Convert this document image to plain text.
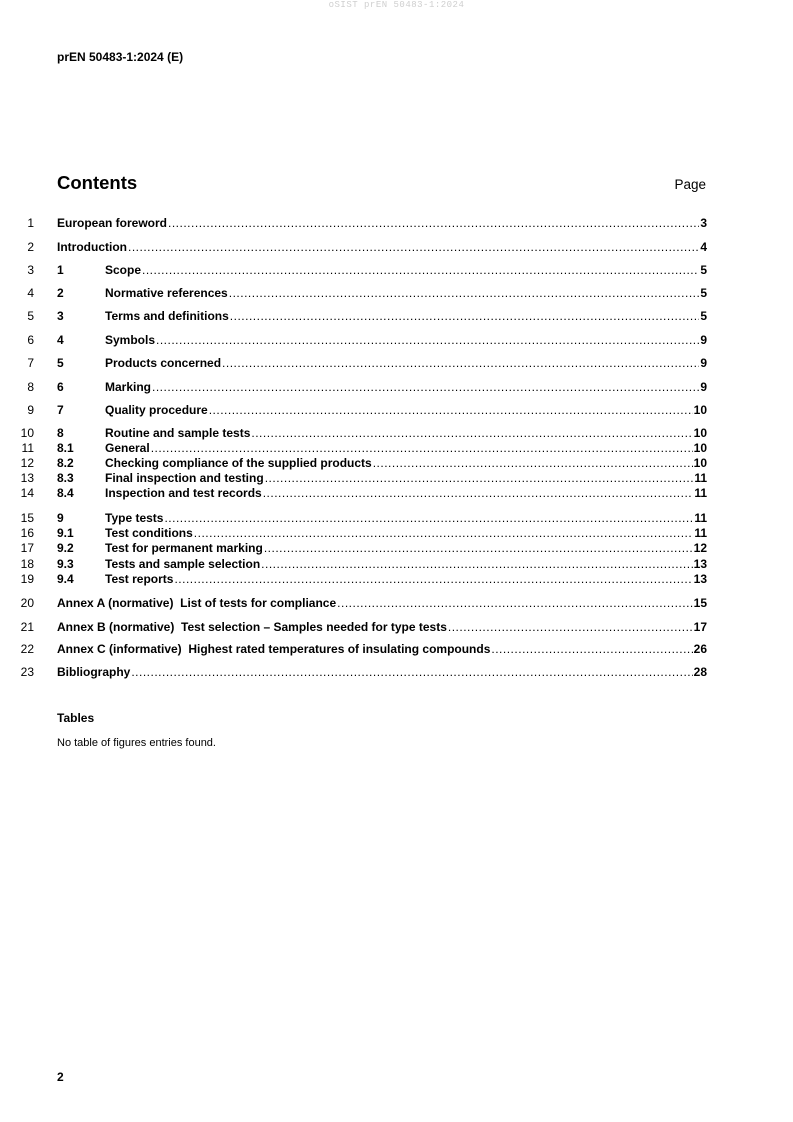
oSIST prEN 50483-1:2024
prEN 50483-1:2024 (E)
Contents	Page
1 European foreword .....	3
2 Introduction .....	4
3 1	Scope .....	5
4 2	Normative references .....	5
5 3	Terms and definitions .....	5
6 4	Symbols .....	9
7 5	Products concerned .....	9
8 6	Marking .....	9
9 7	Quality procedure .....	10
10 8	Routine and sample tests .....	10
11 8.1	General .....	10
12 8.2	Checking compliance of the supplied products .....	10
13 8.3	Final inspection and testing .....	11
14 8.4	Inspection and test records .....	11
15 9	Type tests .....	11
16 9.1	Test conditions .....	11
17 9.2	Test for permanent marking .....	12
18 9.3	Tests and sample selection .....	13
19 9.4	Test reports .....	13
20 Annex A (normative)  List of tests for compliance .....	15
21 Annex B (normative)  Test selection – Samples needed for type tests .....	17
22 Annex C (informative)  Highest rated temperatures of insulating compounds .....	26
23 Bibliography .....	28
Tables
No table of figures entries found.
2
